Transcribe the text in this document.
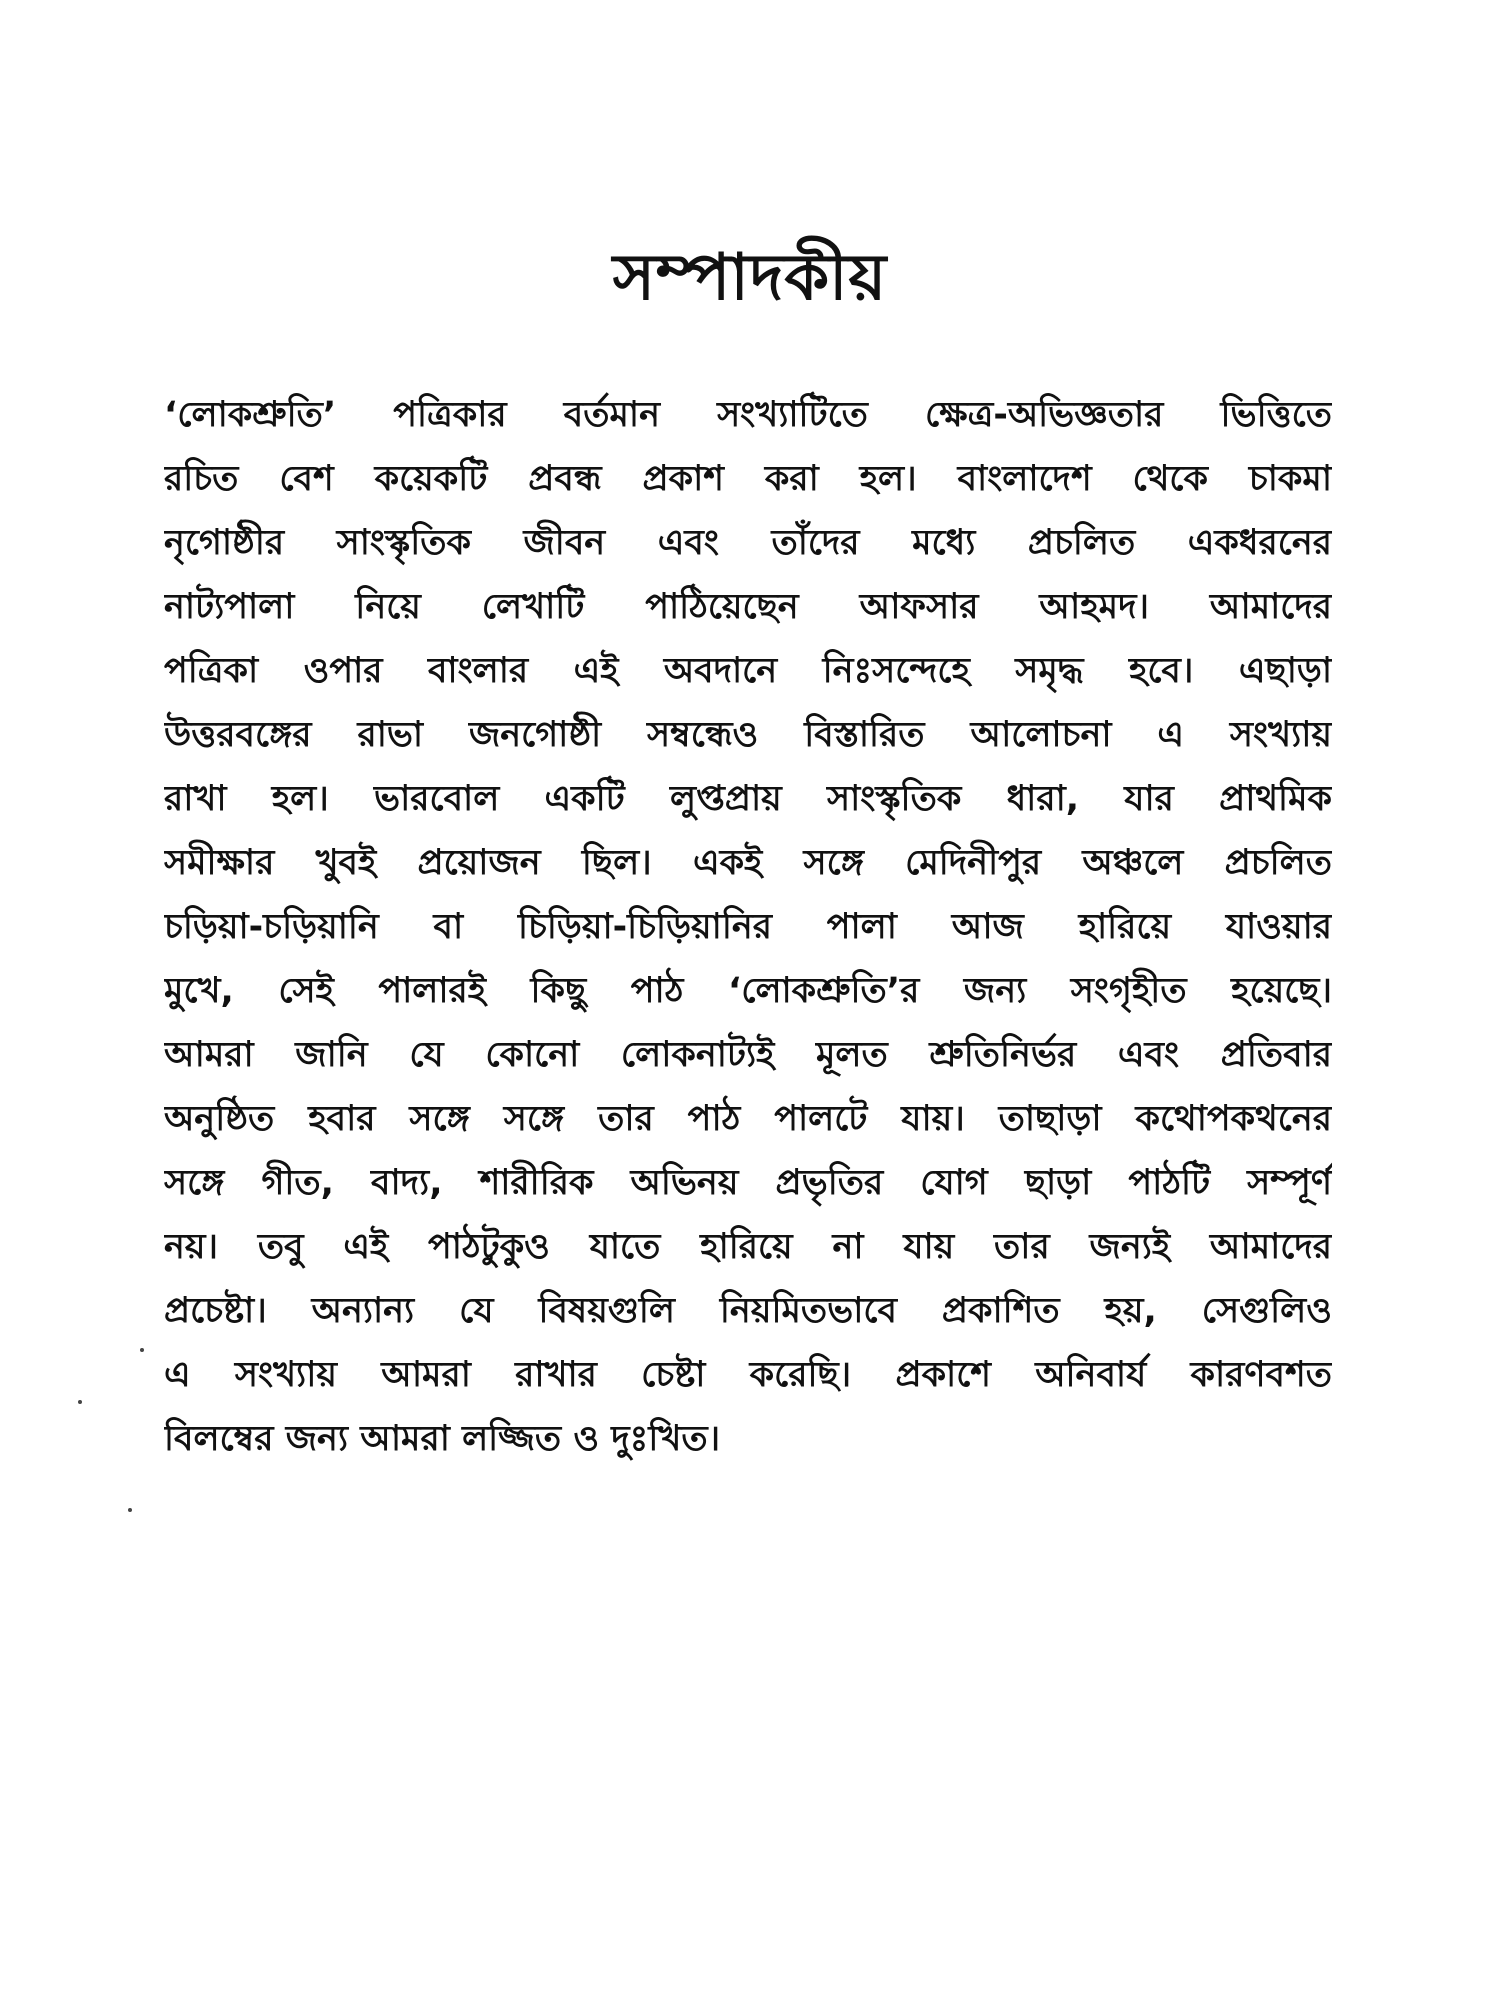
সম্পাদকীয়
‘লোকশ্রুতি’ পত্রিকার বর্তমান সংখ্যাটিতে ক্ষেত্র-অভিজ্ঞতার ভিত্তিতে
রচিত বেশ কয়েকটি প্রবন্ধ প্রকাশ করা হল। বাংলাদেশ থেকে চাকমা
নৃগোষ্ঠীর সাংস্কৃতিক জীবন এবং তাঁদের মধ্যে প্রচলিত একধরনের
নাট্যপালা নিয়ে লেখাটি পাঠিয়েছেন আফসার আহমদ। আমাদের
পত্রিকা ওপার বাংলার এই অবদানে নিঃসন্দেহে সমৃদ্ধ হবে। এছাড়া
উত্তরবঙ্গের রাভা জনগোষ্ঠী সম্বন্ধেও বিস্তারিত আলোচনা এ সংখ্যায়
রাখা হল। ভারবোল একটি লুপ্তপ্রায় সাংস্কৃতিক ধারা, যার প্রাথমিক
সমীক্ষার খুবই প্রয়োজন ছিল। একই সঙ্গে মেদিনীপুর অঞ্চলে প্রচলিত
চড়িয়া-চড়িয়ানি বা চিড়িয়া-চিড়িয়ানির পালা আজ হারিয়ে যাওয়ার
মুখে, সেই পালারই কিছু পাঠ ‘লোকশ্রুতি’র জন্য সংগৃহীত হয়েছে।
আমরা জানি যে কোনো লোকনাট্যই মূলত শ্রুতিনির্ভর এবং প্রতিবার
অনুষ্ঠিত হবার সঙ্গে সঙ্গে তার পাঠ পালটে যায়। তাছাড়া কথোপকথনের
সঙ্গে গীত, বাদ্য, শারীরিক অভিনয় প্রভৃতির যোগ ছাড়া পাঠটি সম্পূর্ণ
নয়। তবু এই পাঠটুকুও যাতে হারিয়ে না যায় তার জন্যই আমাদের
প্রচেষ্টা। অন্যান্য যে বিষয়গুলি নিয়মিতভাবে প্রকাশিত হয়, সেগুলিও
এ সংখ্যায় আমরা রাখার চেষ্টা করেছি। প্রকাশে অনিবার্য কারণবশত
বিলম্বের জন্য আমরা লজ্জিত ও দুঃখিত।
